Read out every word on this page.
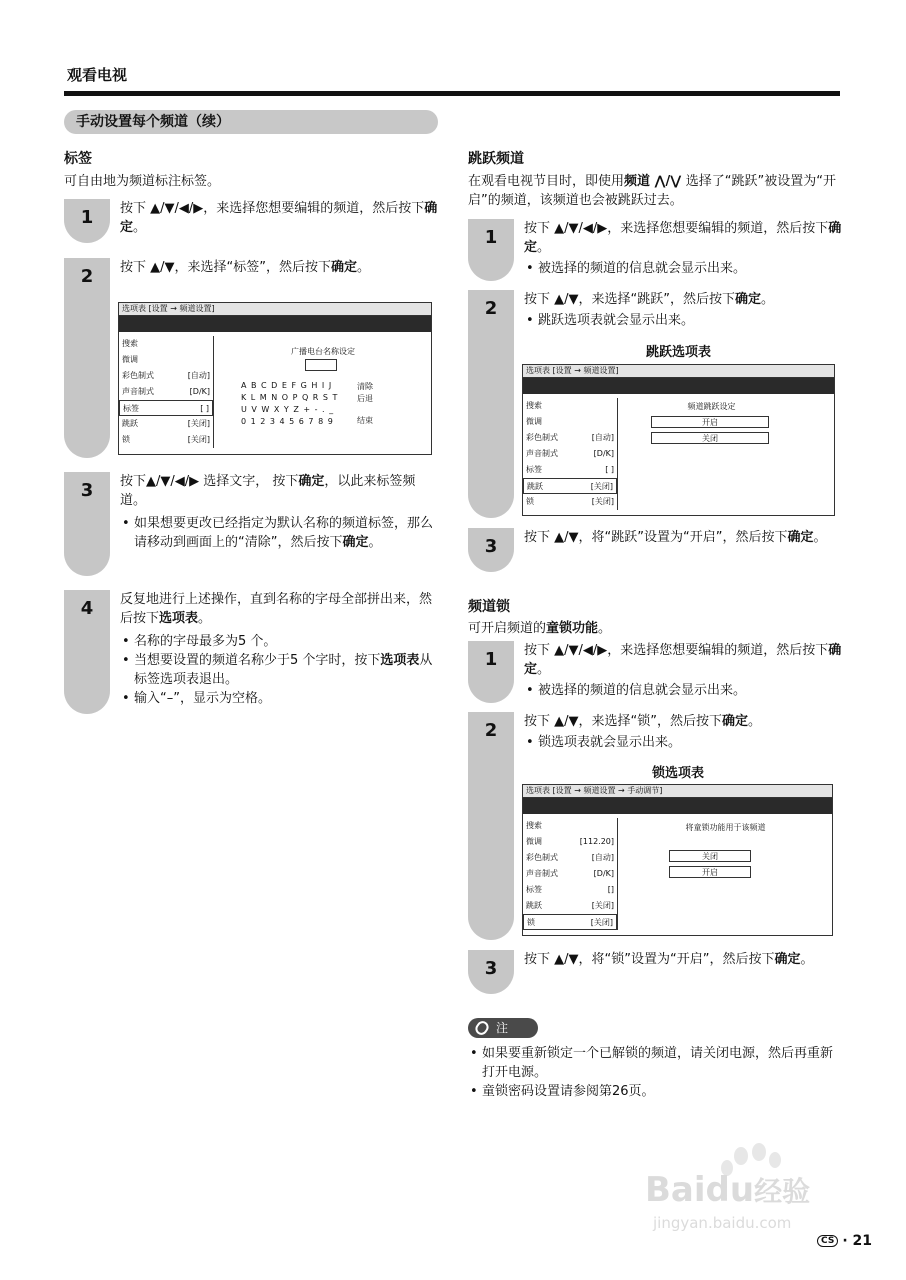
观看电视
手动设置每个频道（续）
标签
可自由地为频道标注标签。
1	按下 ▲/▼/◀/▶，来选择您想要编辑的频道，然后按下确定。
2	按下 ▲/▼，来选择“标签”，然后按下确定。
选项表 [设置 → 频道设置]
搜索
微调
彩色制式	[自动]
声音制式	[D/K]
标签	[ ]
跳跃	[关闭]
锁	[关闭]
广播电台名称设定
A B C D E F G H I J
K L M N O P Q R S T
U V W X Y Z + - . _
0 1 2 3 4 5 6 7 8 9
清除
后退
结束
3	按下▲/▼/◀/▶ 选择文字， 按下确定，以此来标签频道。
• 如果想要更改已经指定为默认名称的频道标签，那么请移动到画面上的“清除”，然后按下确定。
4	反复地进行上述操作，直到名称的字母全部拼出来，然后按下选项表。
• 名称的字母最多为5 个。
• 当想要设置的频道名称少于5 个字时，按下选项表从标签选项表退出。
• 输入“–”，显示为空格。
跳跃频道
在观看电视节目时，即使用频道 ⋀/⋁ 选择了“跳跃”被设置为“开启”的频道，该频道也会被跳跃过去。
1	按下 ▲/▼/◀/▶，来选择您想要编辑的频道，然后按下确定。
• 被选择的频道的信息就会显示出来。
2	按下 ▲/▼，来选择“跳跃”，然后按下确定。
• 跳跃选项表就会显示出来。
跳跃选项表
选项表 [设置 → 频道设置]
搜索
微调
彩色制式	[自动]
声音制式	[D/K]
标签	[ ]
跳跃	[关闭]
锁	[关闭]
频道跳跃设定
开启
关闭
3	按下 ▲/▼，将“跳跃”设置为“开启”，然后按下确定。
频道锁
可开启频道的童锁功能。
1	按下 ▲/▼/◀/▶，来选择您想要编辑的频道，然后按下确定。
• 被选择的频道的信息就会显示出来。
2	按下 ▲/▼，来选择“锁”，然后按下确定。
• 锁选项表就会显示出来。
锁选项表
选项表 [设置 → 频道设置 → 手动调节]
搜索
微调	[112.20]
彩色制式	[自动]
声音制式	[D/K]
标签	[]
跳跃	[关闭]
锁	[关闭]
将童锁功能用于该频道
关闭
开启
3	按下 ▲/▼，将“锁”设置为“开启”，然后按下确定。
注
• 如果要重新锁定一个已解锁的频道，请关闭电源，然后再重新打开电源。
• 童锁密码设置请参阅第26页。
Baidu经验
jingyan.baidu.com
CS · 21
